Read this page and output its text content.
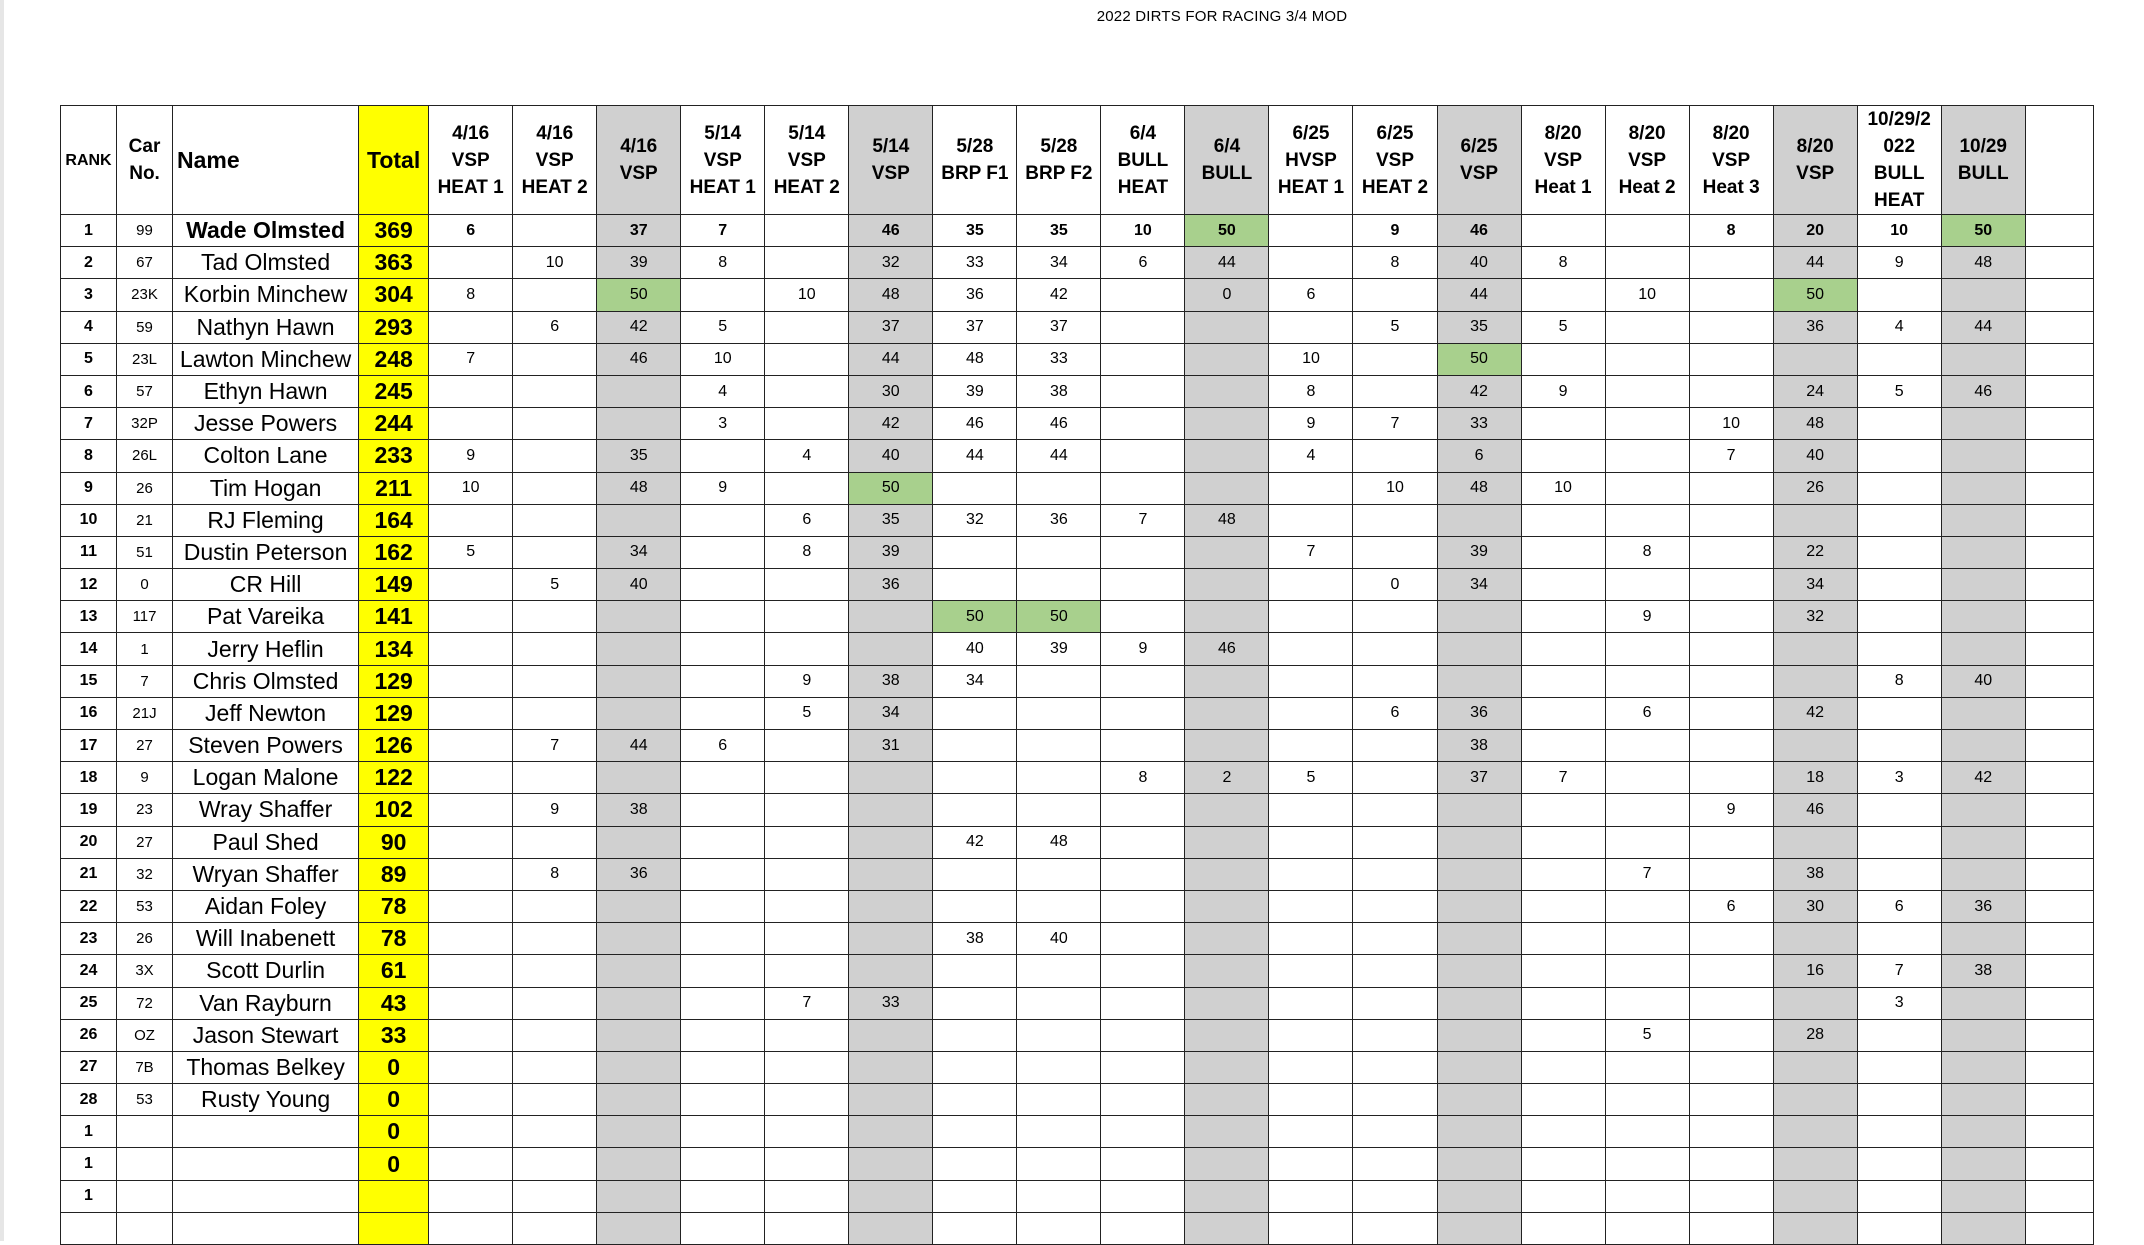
2022 DIRTS FOR RACING 3/4 MOD
RANK	Car
No.	Name	Total	4/16
VSP
HEAT 1	4/16
VSP
HEAT 2	4/16
VSP	5/14
VSP
HEAT 1	5/14
VSP
HEAT 2	5/14
VSP	5/28
BRP F1	5/28
BRP F2	6/4
BULL
HEAT	6/4
BULL	6/25
HVSP
HEAT 1	6/25
VSP
HEAT 2	6/25
VSP	8/20
VSP
Heat 1	8/20
VSP
Heat 2	8/20
VSP
Heat 3	8/20
VSP	10/29/2
022
BULL
HEAT	10/29
BULL	
1	99	Wade Olmsted	369	6		37	7		46	35	35	10	50		9	46			8	20	10	50	
2	67	Tad Olmsted	363		10	39	8		32	33	34	6	44		8	40	8			44	9	48	
3	23K	Korbin Minchew	304	8		50		10	48	36	42		0	6		44		10		50			
4	59	Nathyn Hawn	293		6	42	5		37	37	37				5	35	5			36	4	44	
5	23L	Lawton Minchew	248	7		46	10		44	48	33			10		50							
6	57	Ethyn Hawn	245				4		30	39	38			8		42	9			24	5	46	
7	32P	Jesse Powers	244				3		42	46	46			9	7	33			10	48			
8	26L	Colton Lane	233	9		35		4	40	44	44			4		6			7	40			
9	26	Tim Hogan	211	10		48	9		50						10	48	10			26			
10	21	RJ Fleming	164					6	35	32	36	7	48										
11	51	Dustin Peterson	162	5		34		8	39					7		39		8		22			
12	0	CR Hill	149		5	40			36						0	34				34			
13	117	Pat Vareika	141							50	50							9		32			
14	1	Jerry Heflin	134							40	39	9	46										
15	7	Chris Olmsted	129					9	38	34											8	40	
16	21J	Jeff Newton	129					5	34						6	36		6		42			
17	27	Steven Powers	126		7	44	6		31							38							
18	9	Logan Malone	122									8	2	5		37	7			18	3	42	
19	23	Wray Shaffer	102		9	38													9	46			
20	27	Paul Shed	90							42	48												
21	32	Wryan Shaffer	89		8	36												7		38			
22	53	Aidan Foley	78																6	30	6	36	
23	26	Will Inabenett	78							38	40												
24	3X	Scott Durlin	61																	16	7	38	
25	72	Van Rayburn	43					7	33												3		
26	OZ	Jason Stewart	33															5		28			
27	7B	Thomas Belkey	0																				
28	53	Rusty Young	0																				
1			0																				
1			0																				
1																							
